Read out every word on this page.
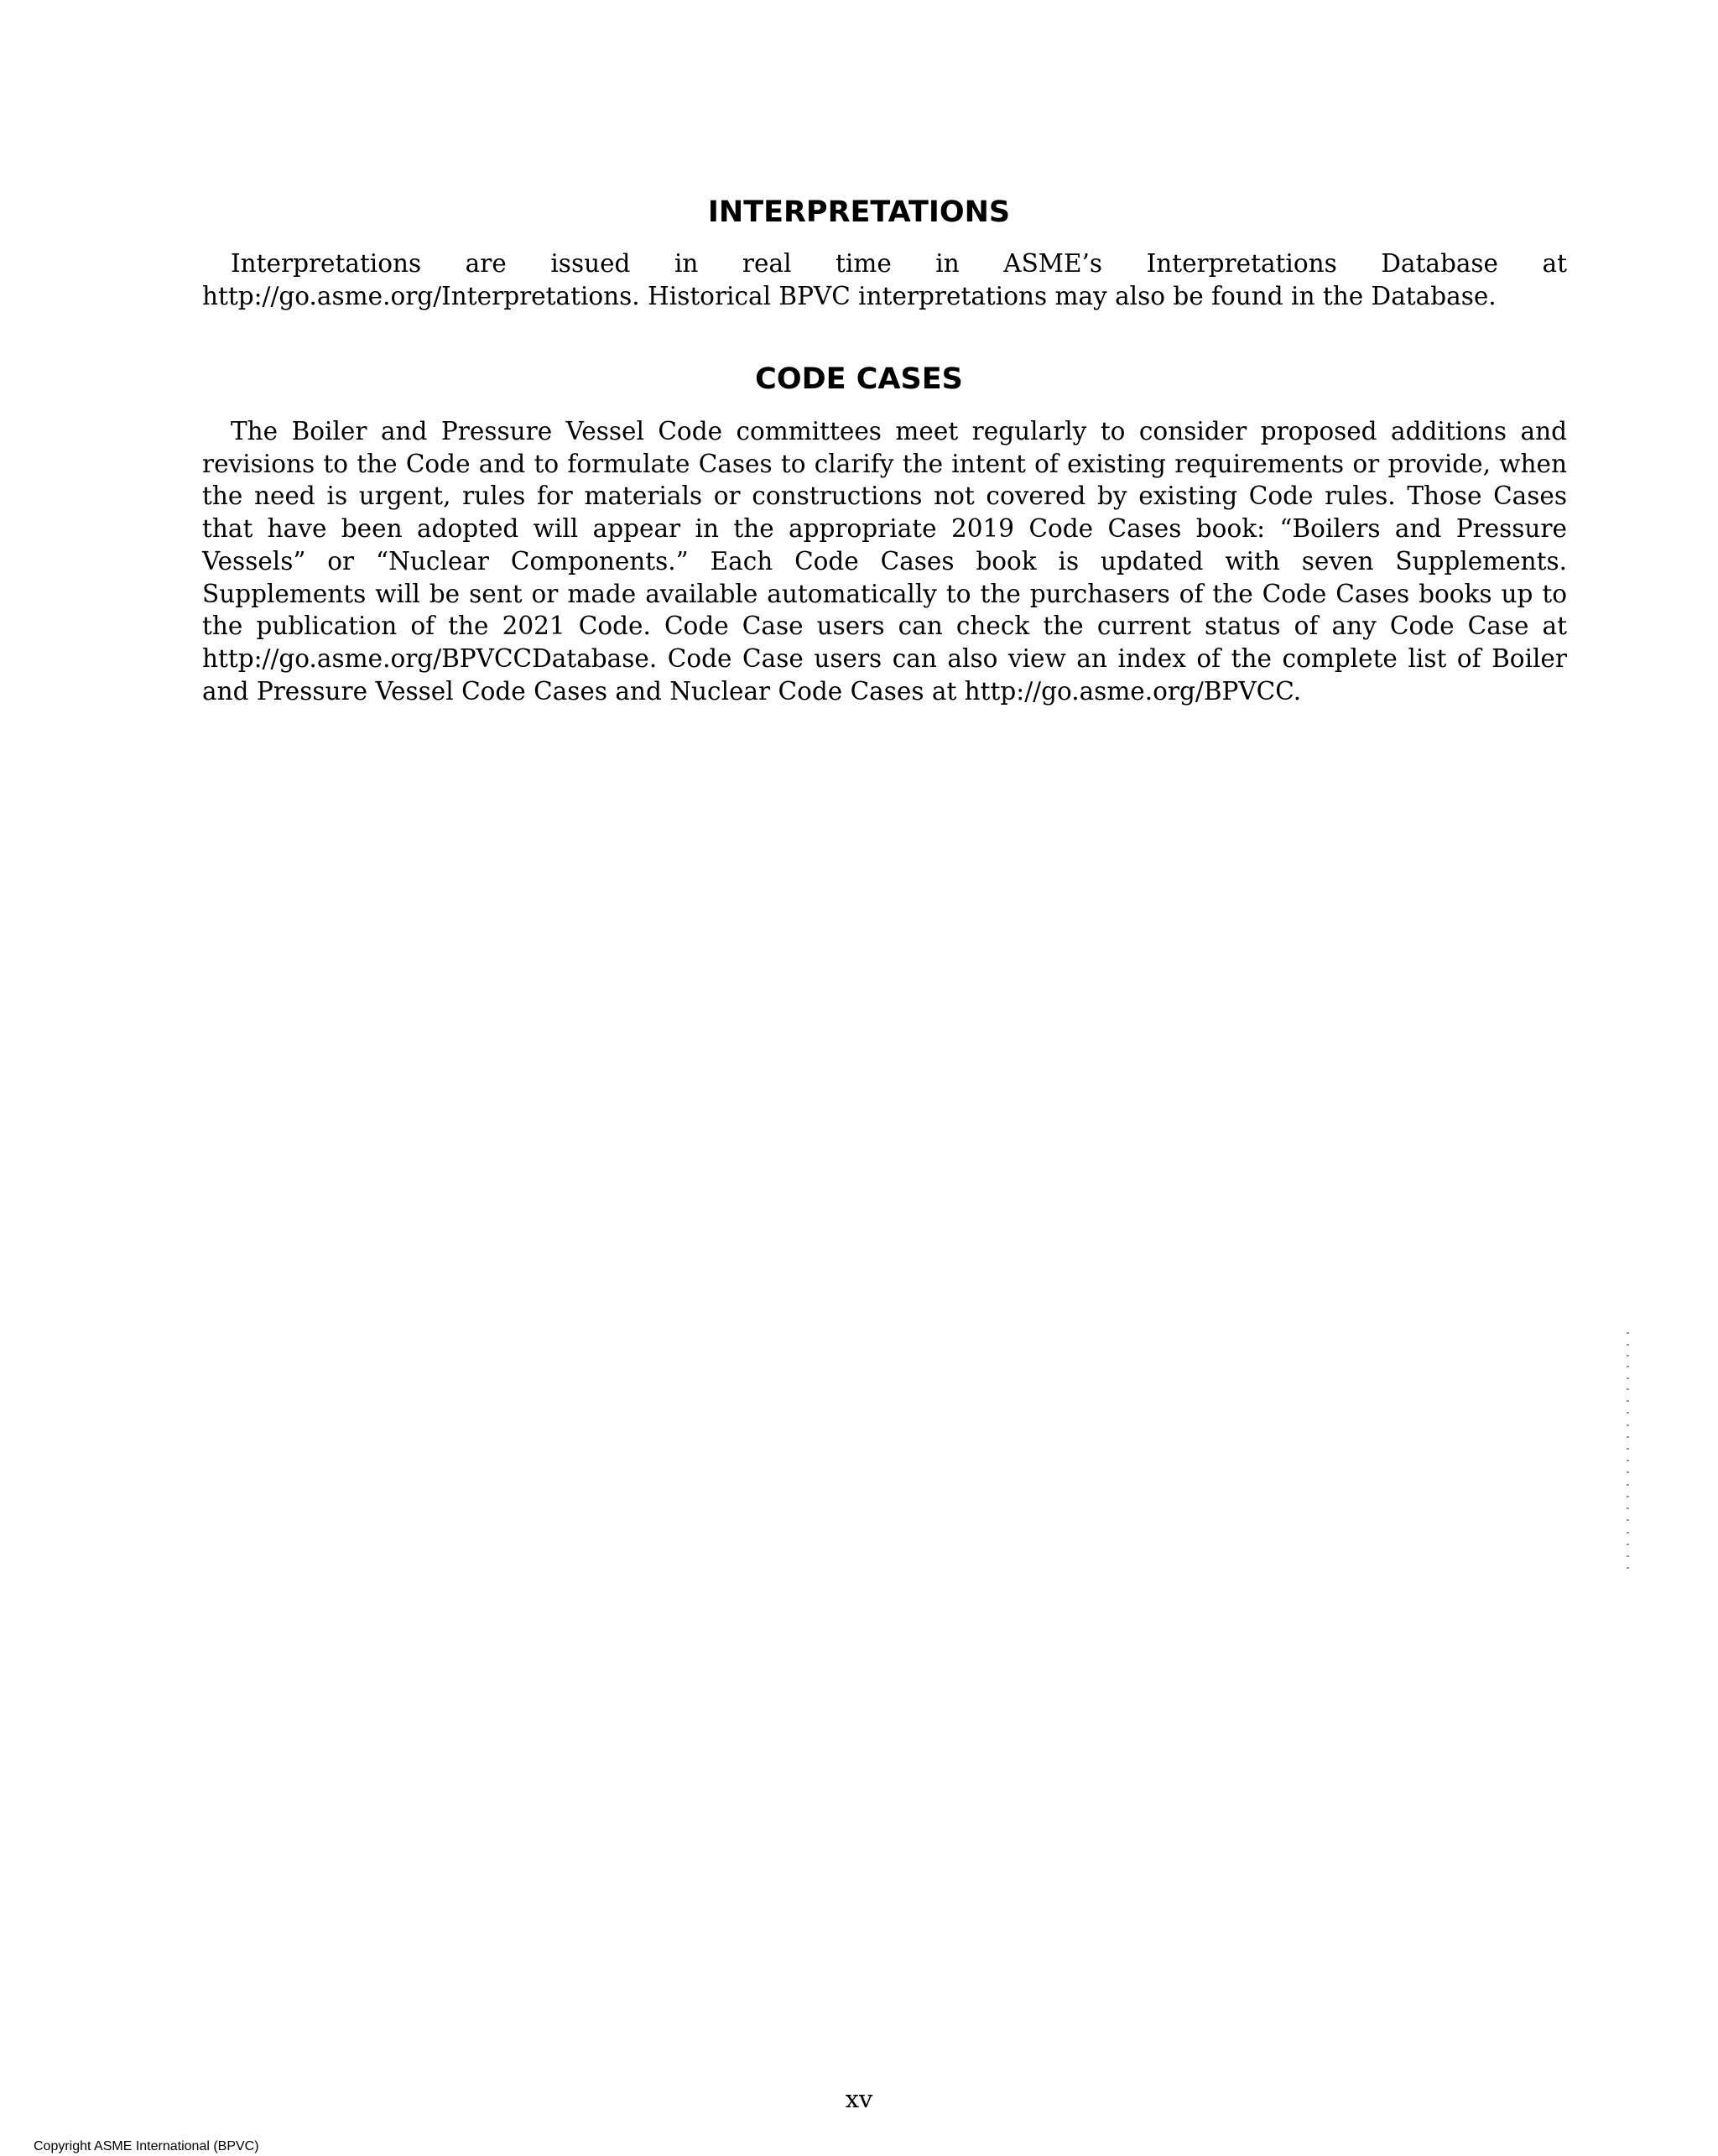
INTERPRETATIONS

Interpretations are issued in real time in ASME’s Interpretations Database at http://go.asme.org/Interpretations. Historical BPVC interpretations may also be found in the Database.

CODE CASES

The Boiler and Pressure Vessel Code committees meet regularly to consider proposed additions and revisions to the Code and to formulate Cases to clarify the intent of existing requirements or provide, when the need is urgent, rules for materials or constructions not covered by existing Code rules. Those Cases that have been adopted will appear in the appropriate 2019 Code Cases book: “Boilers and Pressure Vessels” or “Nuclear Components.” Each Code Cases book is updated with seven Supplements. Supplements will be sent or made available automatically to the purchasers of the Code Cases books up to the publication of the 2021 Code. Code Case users can check the current status of any Code Case at http://go.asme.org/BPVCCDatabase. Code Case users can also view an index of the complete list of Boiler and Pressure Vessel Code Cases and Nuclear Code Cases at http://go.asme.org/BPVCC.

xv

Copyright ASME International (BPVC)
